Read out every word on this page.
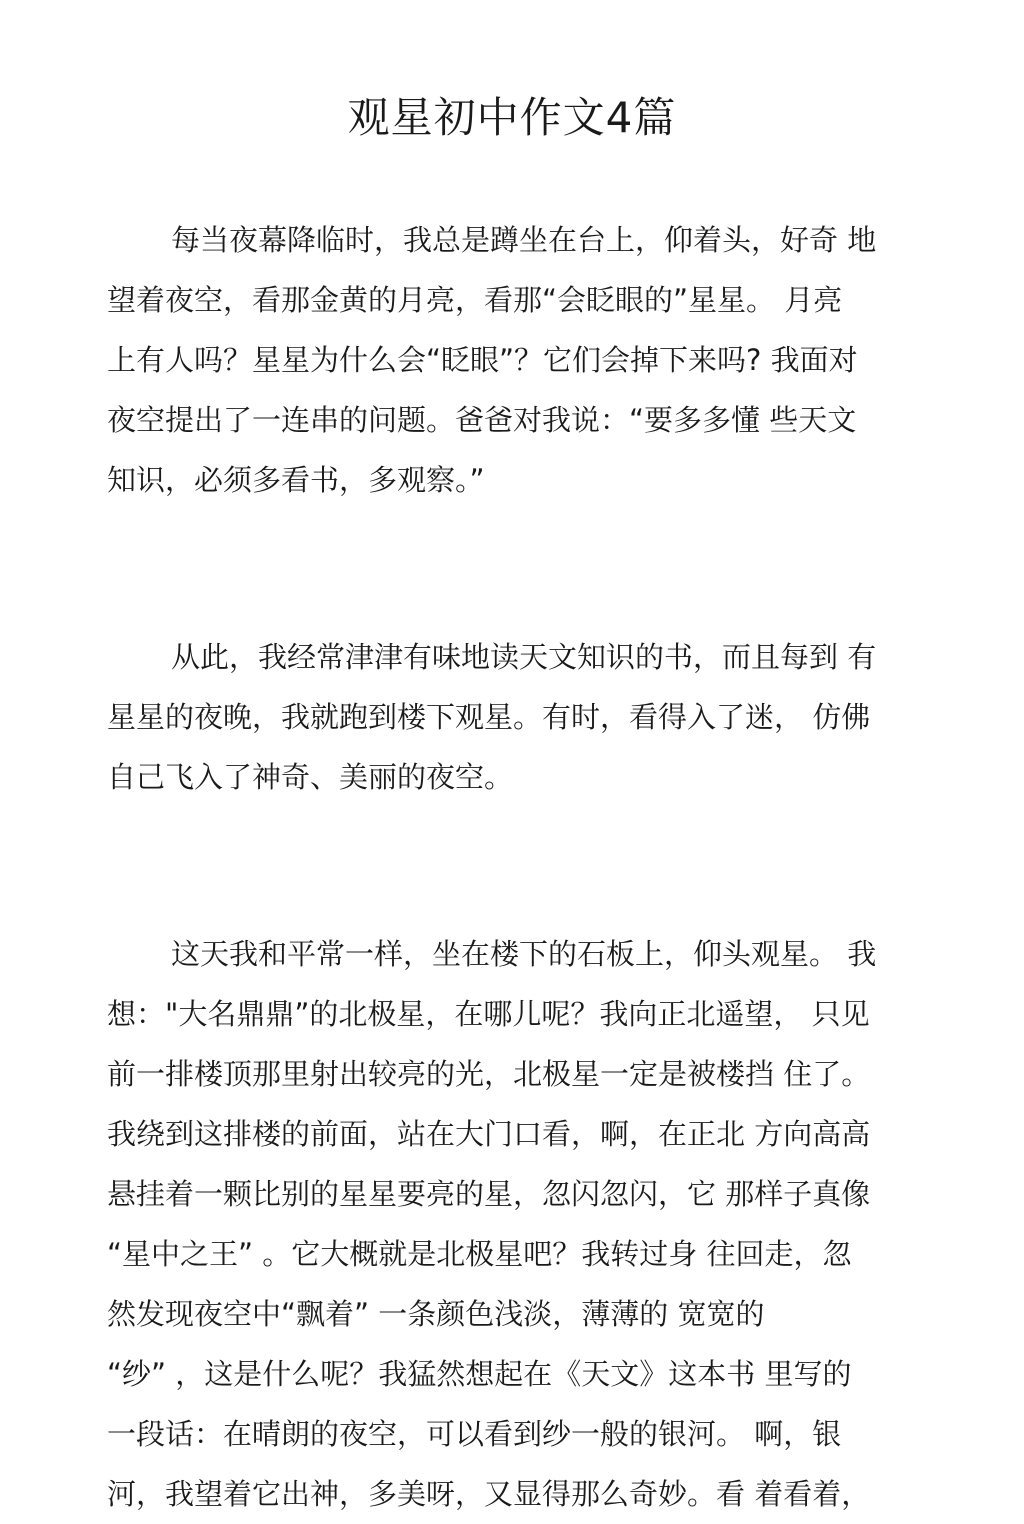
观星初中作文4篇

每当夜幕降临时，我总是蹲坐在台上，仰着头，好奇 地

望着夜空，看那金黄的月亮，看那“会眨眼的”星星。 月亮

上有人吗？星星为什么会“眨眼”？它们会掉下来吗? 我面对

夜空提出了一连串的问题。爸爸对我说：“要多多懂 些天文

知识，必须多看书，多观察。”

从此，我经常津津有味地读天文知识的书，而且每到 有

星星的夜晚，我就跑到楼下观星。有时，看得入了迷， 仿佛

自己飞入了神奇、美丽的夜空。

这天我和平常一样，坐在楼下的石板上，仰头观星。 我

想："大名鼎鼎”的北极星，在哪儿呢？我向正北遥望， 只见

前一排楼顶那里射出较亮的光，北极星一定是被楼挡 住了。

我绕到这排楼的前面，站在大门口看，啊，在正北 方向高高

悬挂着一颗比别的星星要亮的星，忽闪忽闪，它 那样子真像

“星中之王” 。它大概就是北极星吧？我转过身 往回走，忽

然发现夜空中“飘着” 一条颜色浅淡，薄薄的 宽宽的

“纱” ，这是什么呢？我猛然想起在《天文》这本书 里写的

一段话：在晴朗的夜空，可以看到纱一般的银河。 啊，银

河，我望着它出神，多美呀，又显得那么奇妙。看 着看着，
